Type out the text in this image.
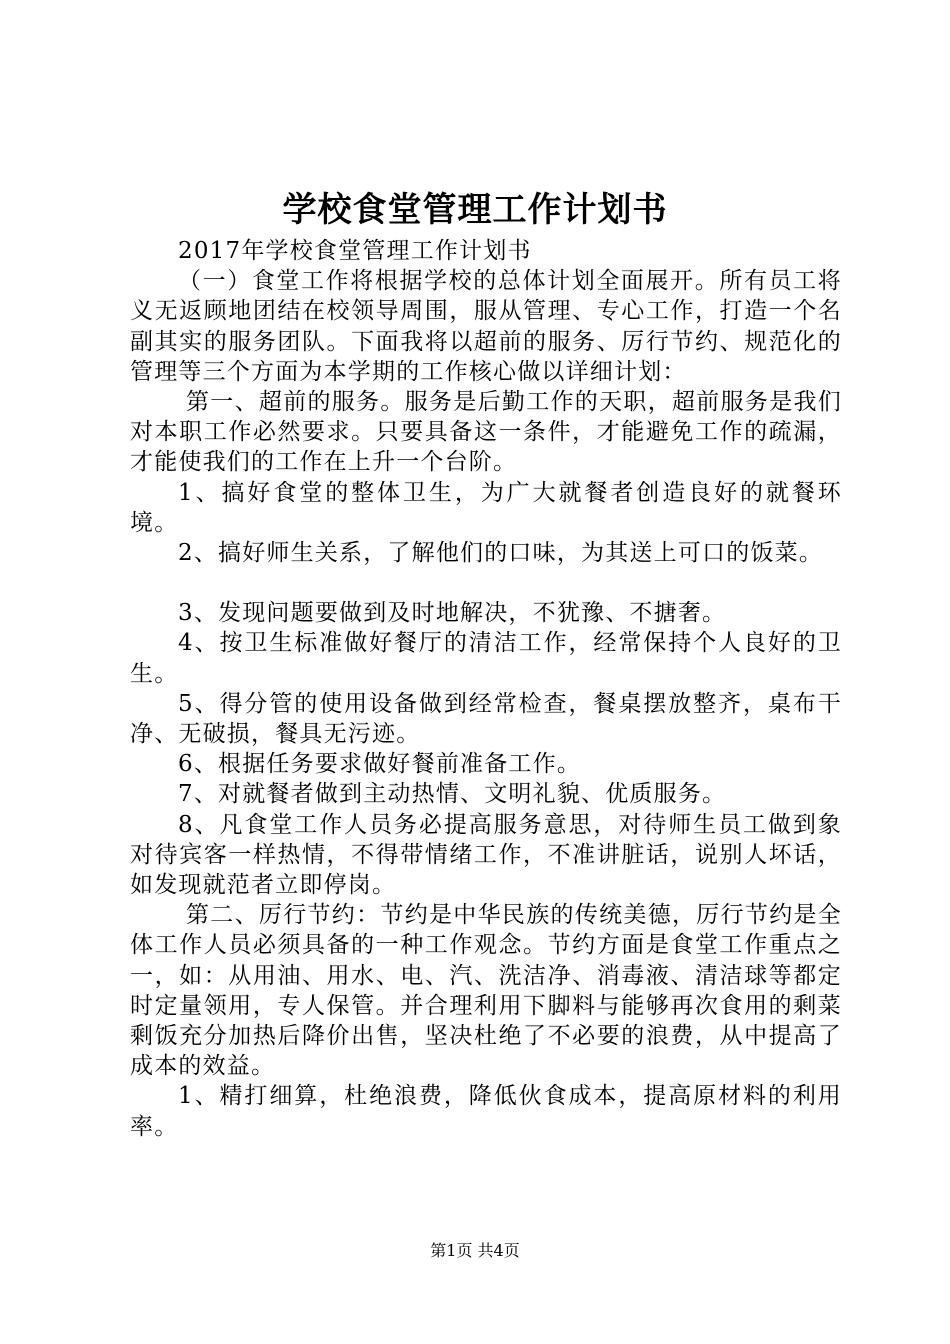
学校食堂管理工作计划书

2017年学校食堂管理工作计划书

（一）食堂工作将根据学校的总体计划全面展开。所有员工将义无返顾地团结在校领导周围，服从管理、专心工作，打造一个名副其实的服务团队。下面我将以超前的服务、厉行节约、规范化的管理等三个方面为本学期的工作核心做以详细计划：

第一、超前的服务。服务是后勤工作的天职，超前服务是我们对本职工作必然要求。只要具备这一条件，才能避免工作的疏漏，才能使我们的工作在上升一个台阶。

1、搞好食堂的整体卫生，为广大就餐者创造良好的就餐环境。

2、搞好师生关系，了解他们的口味，为其送上可口的饭菜。

3、发现问题要做到及时地解决，不犹豫、不搪奢。

4、按卫生标准做好餐厅的清洁工作，经常保持个人良好的卫生。

5、得分管的使用设备做到经常检查，餐桌摆放整齐，桌布干净、无破损，餐具无污迹。

6、根据任务要求做好餐前准备工作。

7、对就餐者做到主动热情、文明礼貌、优质服务。

8、凡食堂工作人员务必提高服务意思，对待师生员工做到象对待宾客一样热情，不得带情绪工作，不准讲脏话，说别人坏话，如发现就范者立即停岗。

第二、厉行节约：节约是中华民族的传统美德，厉行节约是全体工作人员必须具备的一种工作观念。节约方面是食堂工作重点之一，如：从用油、用水、电、汽、洗洁净、消毒液、清洁球等都定时定量领用，专人保管。并合理利用下脚料与能够再次食用的剩菜剩饭充分加热后降价出售，坚决杜绝了不必要的浪费，从中提高了成本的效益。

1、精打细算，杜绝浪费，降低伙食成本，提高原材料的利用率。

第1页 共4页
